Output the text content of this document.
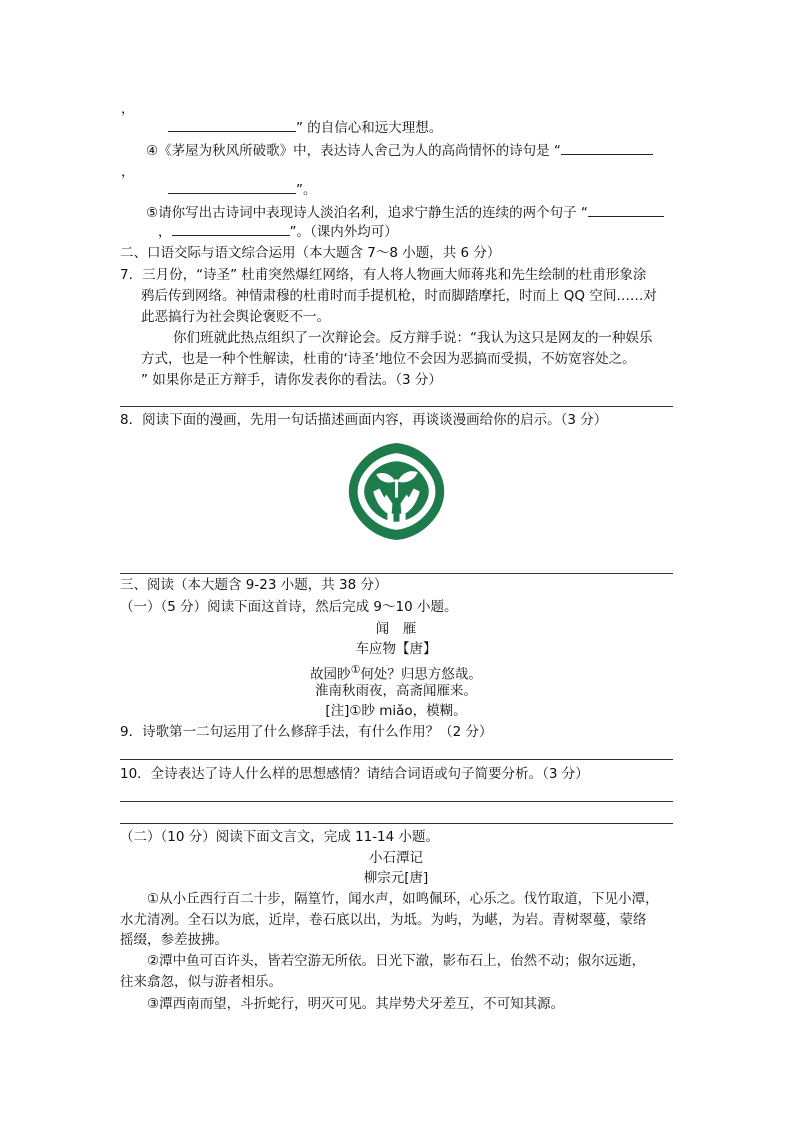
，
” 的自信心和远大理想。
④《茅屋为秋风所破歌》中，表达诗人舍己为人的高尚情怀的诗句是 “
，
”。
⑤请你写出古诗词中表现诗人淡泊名利，追求宁静生活的连续的两个句子 “
，	”。（课内外均可）
二、口语交际与语文综合运用（本大题含 7～8 小题，共 6 分）
7．三月份，“诗圣” 杜甫突然爆红网络，有人将人物画大师蒋兆和先生绘制的杜甫形象涂
鸦后传到网络。神情肃穆的杜甫时而手提机枪，时而脚踏摩托，时而上 QQ 空间……对
此恶搞行为社会舆论褒贬不一。
你们班就此热点组织了一次辩论会。反方辩手说：“我认为这只是网友的一种娱乐
方式，也是一种个性解读，杜甫的‘诗圣’地位不会因为恶搞而受损，不妨宽容处之。
” 如果你是正方辩手，请你发表你的看法。（3 分）
8．阅读下面的漫画，先用一句话描述画面内容，再谈谈漫画给你的启示。（3 分）
三、阅读（本大题含 9-23 小题，共 38 分）
（一）（5 分）阅读下面这首诗，然后完成 9～10 小题。
闻　雁
车应物【唐】
故园眇①何处？归思方悠哉。
淮南秋雨夜，高斋闻雁来。
[注]①眇 miǎo，模糊。
9．诗歌第一二句运用了什么修辞手法，有什么作用？（2 分）
10．全诗表达了诗人什么样的思想感情？请结合词语或句子简要分析。（3 分）
（二）（10 分）阅读下面文言文，完成 11-14 小题。
小石潭记
柳宗元[唐]
①从小丘西行百二十步，隔篁竹，闻水声，如鸣佩环，心乐之。伐竹取道，下见小潭，
水尤清冽。全石以为底，近岸，卷石底以出，为坻。为屿，为嵁，为岩。青树翠蔓，蒙络
摇缀，参差披拂。
②潭中鱼可百许头，皆若空游无所依。日光下澈，影布石上，佁然不动；俶尔远逝，
往来翕忽，似与游者相乐。
③潭西南而望，斗折蛇行，明灭可见。其岸势犬牙差互，不可知其源。
